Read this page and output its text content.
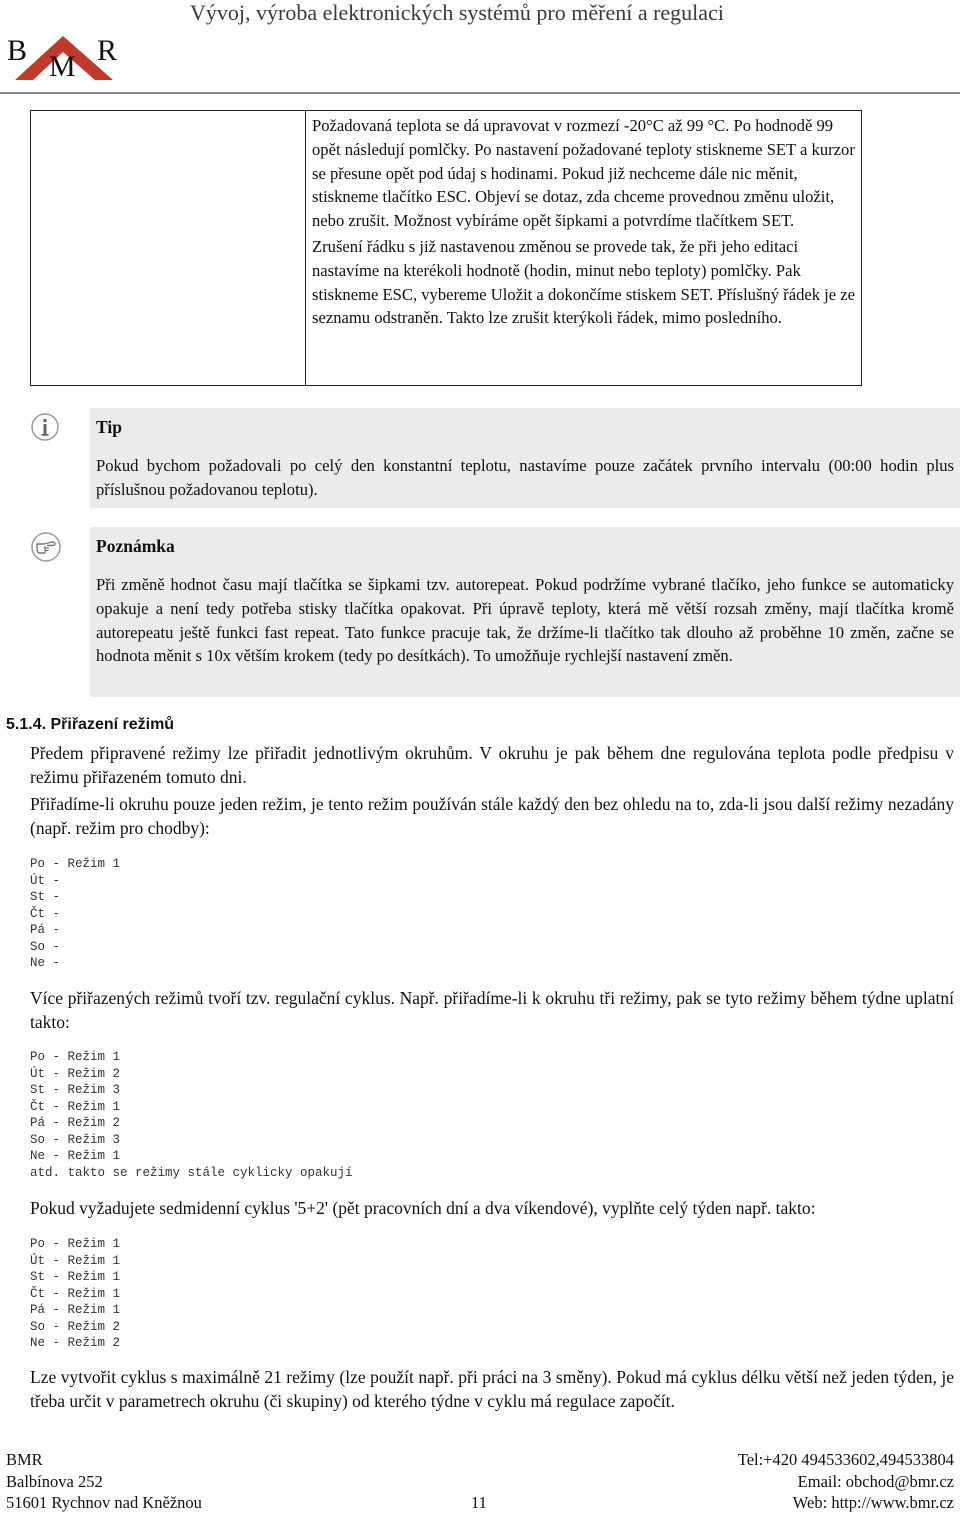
Vývoj, výroba elektronických systémů pro měření a regulaci
B M R

Požadovaná teplota se dá upravovat v rozmezí -20°C až 99 °C. Po hodnodě 99 opět následují pomlčky. Po nastavení požadované teploty stiskneme SET a kurzor se přesune opět pod údaj s hodinami. Pokud již nechceme dále nic měnit, stiskneme tlačítko ESC. Objeví se dotaz, zda chceme provednou změnu uložit, nebo zrušit. Možnost vybíráme opět šipkami a potvrdíme tlačítkem SET.

Zrušení řádku s již nastavenou změnou se provede tak, že při jeho editaci nastavíme na kterékoli hodnotě (hodin, minut nebo teploty) pomlčky. Pak stiskneme ESC, vybereme Uložit a dokončíme stiskem SET. Příslušný řádek je ze seznamu odstraněn. Takto lze zrušit kterýkoli řádek, mimo posledního.

Tip
Pokud bychom požadovali po celý den konstantní teplotu, nastavíme pouze začátek prvního intervalu (00:00 hodin plus příslušnou požadovanou teplotu).
Poznámka
Při změně hodnot času mají tlačítka se šipkami tzv. autorepeat. Pokud podržíme vybrané tlačíko, jeho funkce se automaticky opakuje a není tedy potřeba stisky tlačítka opakovat. Při úpravě teploty, která mě větší rozsah změny, mají tlačítka kromě autorepeatu ještě funkci fast repeat. Tato funkce pracuje tak, že držíme-li tlačítko tak dlouho až proběhne 10 změn, začne se hodnota měnit s 10x větším krokem (tedy po desítkách). To umožňuje rychlejší nastavení změn.
5.1.4. Přiřazení režimů
Předem připravené režimy lze přiřadit jednotlivým okruhům. V okruhu je pak během dne regulována teplota podle předpisu v režimu přiřazeném tomuto dni.
Přiřadíme-li okruhu pouze jeden režim, je tento režim používán stále každý den bez ohledu na to, zda-li jsou další režimy nezadány (např. režim pro chodby):
Po - Režim 1
Út -
St -
Čt -
Pá -
So -
Ne -
Více přiřazených režimů tvoří tzv. regulační cyklus. Např. přiřadíme-li k okruhu tři režimy, pak se tyto režimy během týdne uplatní takto:
Po - Režim 1
Út - Režim 2
St - Režim 3
Čt - Režim 1
Pá - Režim 2
So - Režim 3
Ne - Režim 1
atd. takto se režimy stále cyklicky opakují
Pokud vyžadujete sedmidenní cyklus '5+2' (pět pracovních dní a dva víkendové), vyplňte celý týden např. takto:
Po - Režim 1
Út - Režim 1
St - Režim 1
Čt - Režim 1
Pá - Režim 1
So - Režim 2
Ne - Režim 2
Lze vytvořit cyklus s maximálně 21 režimy (lze použít např. při práci na 3 směny). Pokud má cyklus délku větší než jeden týden, je třeba určit v parametrech okruhu (či skupiny) od kterého týdne v cyklu má regulace započít.
BMR
Balbínova 252
51601 Rychnov nad Kněžnou	11
Tel:+420 494533602,494533804
Email: obchod@bmr.cz
Web: http://www.bmr.cz
